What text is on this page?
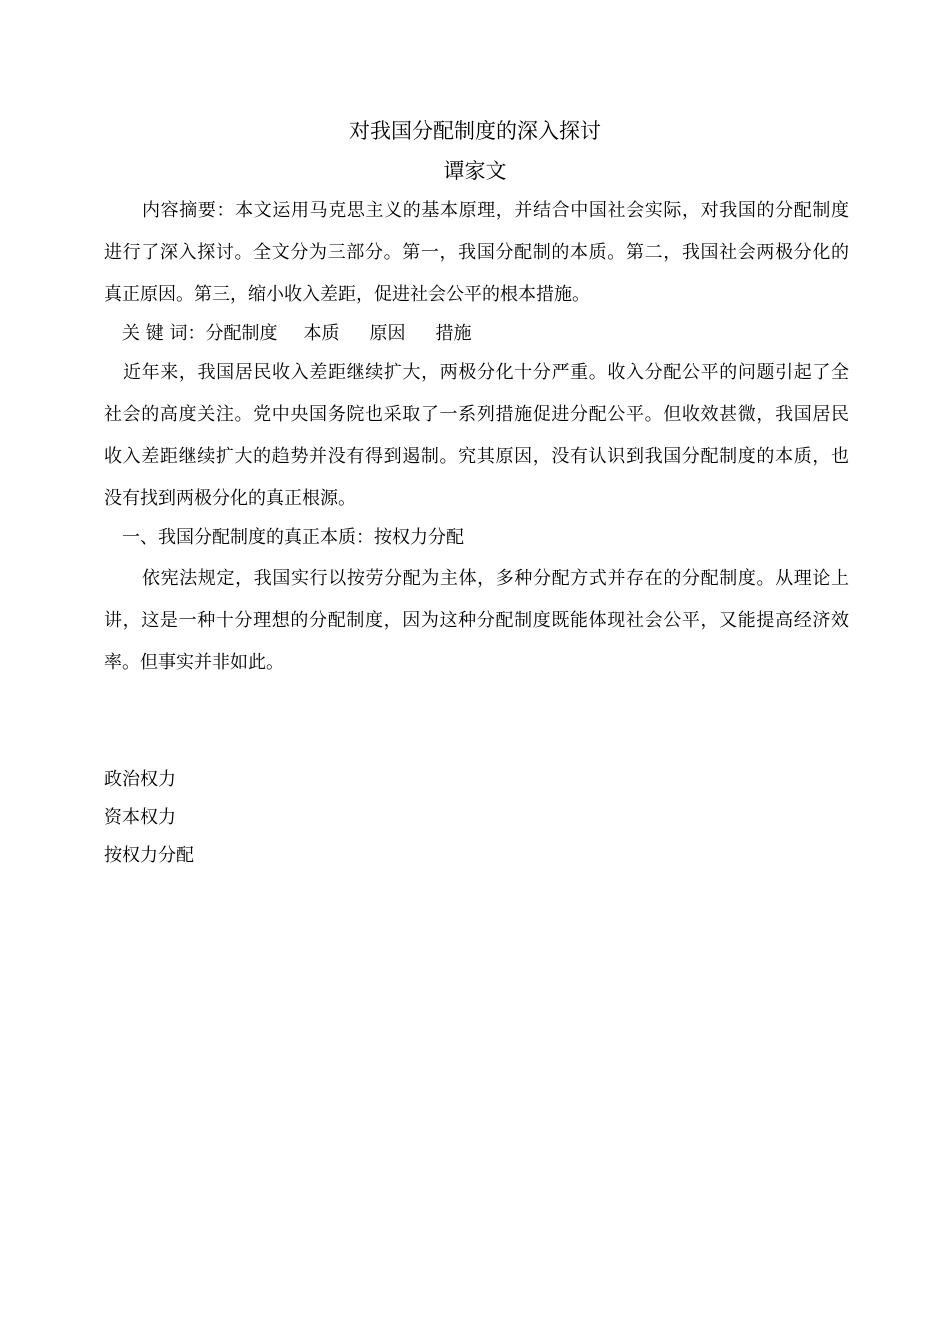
对我国分配制度的深入探讨
谭家文
内容摘要：本文运用马克思主义的基本原理，并结合中国社会实际，对我国的分配制度
进行了深入探讨。全文分为三部分。第一，我国分配制的本质。第二，我国社会两极分化的
真正原因。第三，缩小收入差距，促进社会公平的根本措施。
关 键 词：分配制度 本质 原因 措施
近年来，我国居民收入差距继续扩大，两极分化十分严重。收入分配公平的问题引起了全
社会的高度关注。党中央国务院也采取了一系列措施促进分配公平。但收效甚微，我国居民
收入差距继续扩大的趋势并没有得到遏制。究其原因，没有认识到我国分配制度的本质，也
没有找到两极分化的真正根源。
一、我国分配制度的真正本质：按权力分配
依宪法规定，我国实行以按劳分配为主体，多种分配方式并存在的分配制度。从理论上
讲，这是一种十分理想的分配制度，因为这种分配制度既能体现社会公平，又能提高经济效
率。但事实并非如此。
政治权力
资本权力
按权力分配
